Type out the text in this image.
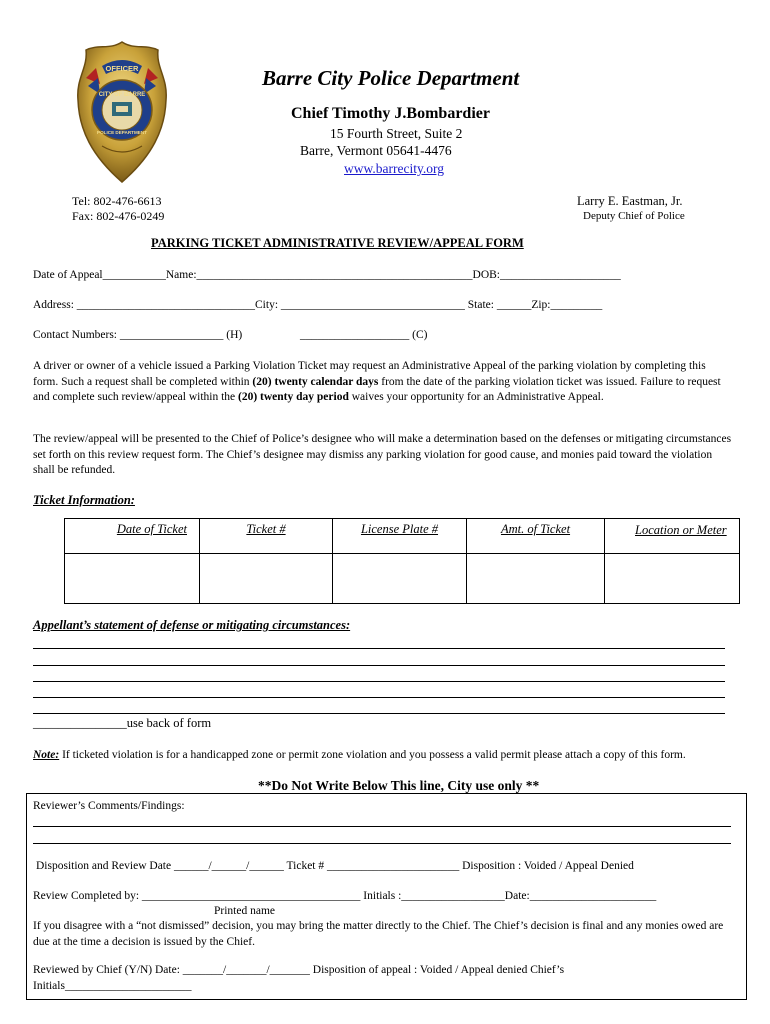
OFFICER
CITY OF BARRE
POLICE DEPARTMENT
Barre City Police Department
Chief Timothy J.Bombardier
15 Fourth Street, Suite 2
Barre, Vermont 05641-4476
www.barrecity.org
Tel: 802-476-6613
Fax: 802-476-0249
Larry E. Eastman, Jr.
Deputy Chief of Police
PARKING TICKET ADMINISTRATIVE REVIEW/APPEAL FORM
Date of Appeal___________Name:________________________________________________DOB:_____________________
Address: _______________________________City: ________________________________ State: ______Zip:_________
Contact Numbers: __________________ (H)	___________________ (C)
A driver or owner of a vehicle issued a Parking Violation Ticket may request an Administrative Appeal of the parking violation by completing this form. Such a request shall be completed within (20) twenty calendar days from the date of the parking violation ticket was issued. Failure to request and complete such review/appeal within the (20) twenty day period waives your opportunity for an Administrative Appeal.
The review/appeal will be presented to the Chief of Police’s designee who will make a determination based on the defenses or mitigating circumstances set forth on this review request form. The Chief’s designee may dismiss any parking violation for good cause, and monies paid toward the violation shall be refunded.
Ticket Information:
Date of Ticket	Ticket #	License Plate #	Amt. of Ticket	Location or Meter

Appellant’s statement of defense or mitigating circumstances:
_______________use back of form
Note: If ticketed violation is for a handicapped zone or permit zone violation and you possess a valid permit please attach a copy of this form.
**Do Not Write Below This line, City use only **
Reviewer’s Comments/Findings:
Disposition and Review Date ______/______/______ Ticket # _______________________ Disposition : Voided / Appeal Denied
Review Completed by: ______________________________________ Initials :__________________Date:______________________
Printed name
If you disagree with a “not dismissed” decision, you may bring the matter directly to the Chief. The Chief’s decision is final and any monies owed are due at the time a decision is issued by the Chief.
Reviewed by Chief (Y/N) Date: _______/_______/_______ Disposition of appeal : Voided / Appeal denied Chief’s
Initials______________________
